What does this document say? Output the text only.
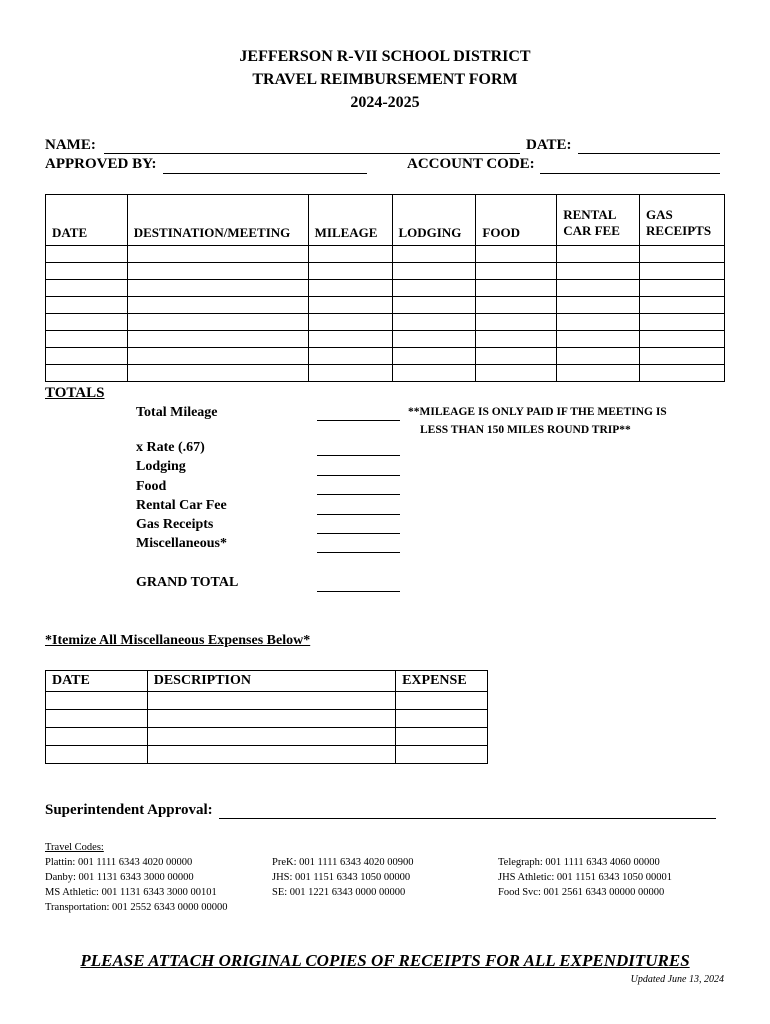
JEFFERSON R-VII SCHOOL DISTRICT
TRAVEL REIMBURSEMENT FORM
2024-2025
NAME:	DATE:
APPROVED BY:	ACCOUNT CODE:
DATE	DESTINATION/MEETING	MILEAGE	LODGING	FOOD	RENTAL CAR FEE	GAS RECEIPTS

TOTALS
Total Mileage	**MILEAGE IS ONLY PAID IF THE MEETING IS
LESS THAN 150 MILES ROUND TRIP**
x Rate (.67)
Lodging
Food
Rental Car Fee
Gas Receipts
Miscellaneous*
GRAND TOTAL
*Itemize All Miscellaneous Expenses Below*
DATE	DESCRIPTION	EXPENSE

Superintendent Approval:
Travel Codes:
Plattin: 001 1111 6343 4020 00000
Danby: 001 1131 6343 3000 00000
MS Athletic: 001 1131 6343 3000 00101
Transportation: 001 2552 6343 0000 00000
PreK: 001 1111 6343 4020 00900
JHS: 001 1151 6343 1050 00000
SE: 001 1221 6343 0000 00000
Telegraph: 001 1111 6343 4060 00000
JHS Athletic: 001 1151 6343 1050 00001
Food Svc: 001 2561 6343 00000 00000
PLEASE ATTACH ORIGINAL COPIES OF RECEIPTS FOR ALL EXPENDITURES
Updated June 13, 2024
